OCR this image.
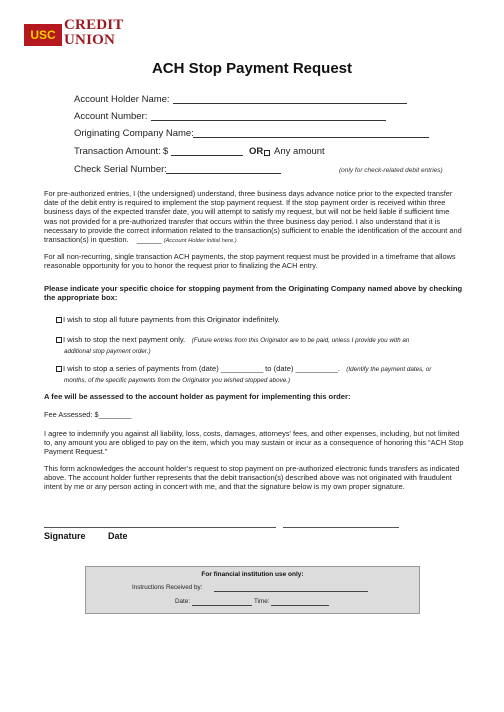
USC
CREDIT
UNION
ACH Stop Payment Request
Account Holder Name:
Account Number:
Originating Company Name:
Transaction Amount: $	OR Any amount
Check Serial Number:	(only for check-related debit entries)
For pre-authorized entries, I (the undersigned) understand, three business days advance notice prior to the expected transfer date of the debit entry is required to implement the stop payment request. If the stop payment order is received within three business days of the expected transfer date, you will attempt to satisfy my request, but will not be held liable if sufficient time was not provided for a pre-authorized transfer that occurs within the three business day period. I also understand that it is necessary to provide the correct information related to the transaction(s) sufficient to enable the identification of the account and transaction(s) in question. ______ (Account Holder initial here.)
For all non-recurring, single transaction ACH payments, the stop payment request must be provided in a timeframe that allows reasonable opportunity for you to honor the request prior to finalizing the ACH entry.
Please indicate your specific choice for stopping payment from the Originating Company named above by checking the appropriate box:
I wish to stop all future payments from this Originator indefinitely.
I wish to stop the next payment only. (Future entries from this Originator are to be paid, unless I provide you with an
additional stop payment order.)
I wish to stop a series of payments from (date) __________ to (date) __________. (Identify the payment dates, or
months, of the specific payments from the Originator you wished stopped above.)
A fee will be assessed to the account holder as payment for implementing this order:
Fee Assessed: $________
I agree to indemnify you against all liability, loss, costs, damages, attorneys' fees, and other expenses, including, but not limited to, any amount you are obliged to pay on the item, which you may sustain or incur as a consequence of honoring this “ACH Stop Payment Request.”
This form acknowledges the account holder’s request to stop payment on pre-authorized electronic funds transfers as indicated above. The account holder further represents that the debit transaction(s) described above was not originated with fraudulent intent by me or any person acting in concert with me, and that the signature below is my own proper signature.
Signature Date
For financial institution use only:
Instructions Received by:
Date:	Time:
